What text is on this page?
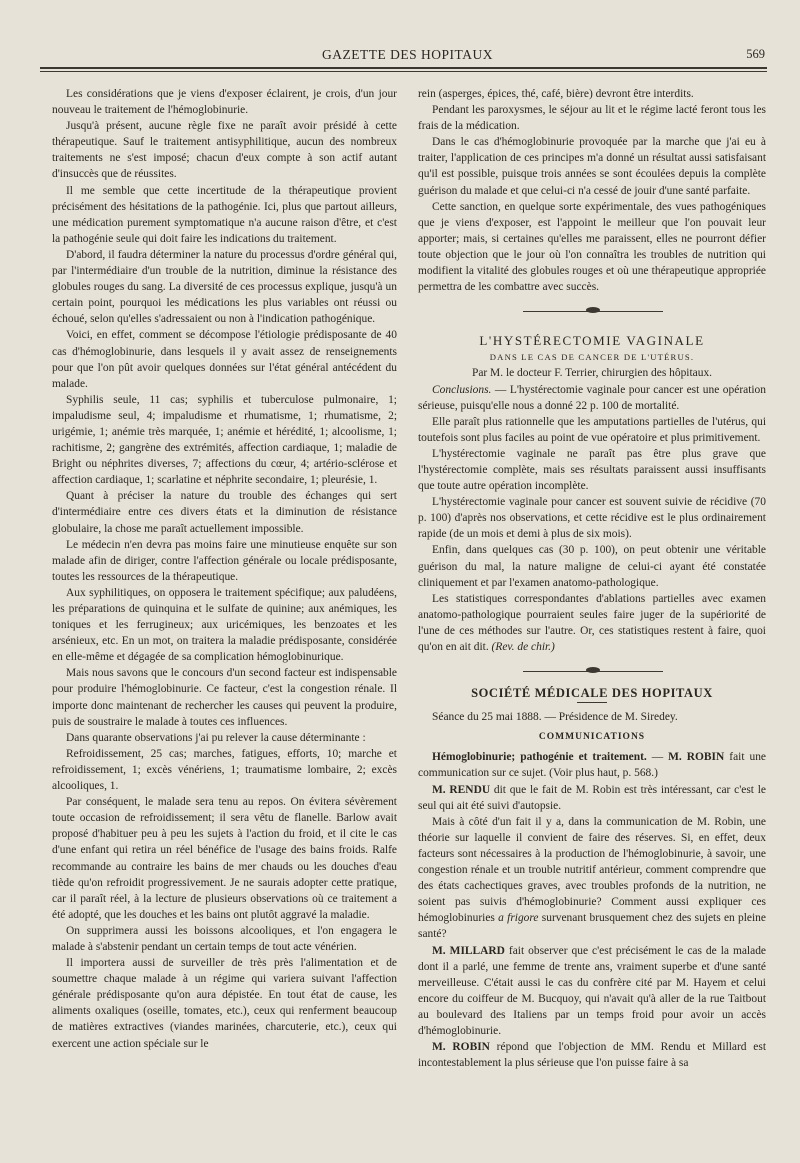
GAZETTE DES HOPITAUX	569

Les considérations que je viens d'exposer éclairent, je crois, d'un jour nouveau le traitement de l'hémoglobinurie.

Jusqu'à présent, aucune règle fixe ne paraît avoir présidé à cette thérapeutique. Sauf le traitement antisyphilitique, aucun des nombreux traitements ne s'est imposé; chacun d'eux compte à son actif autant d'insuccès que de réussites.

Il me semble que cette incertitude de la thérapeutique provient précisément des hésitations de la pathogénie. Ici, plus que partout ailleurs, une médication purement symptomatique n'a aucune raison d'être, et c'est la pathogénie seule qui doit faire les indications du traitement.

D'abord, il faudra déterminer la nature du processus d'ordre général qui, par l'intermédiaire d'un trouble de la nutrition, diminue la résistance des globules rouges du sang. La diversité de ces processus explique, jusqu'à un certain point, pourquoi les médications les plus variables ont réussi ou échoué, selon qu'elles s'adressaient ou non à l'indication pathogénique.

Voici, en effet, comment se décompose l'étiologie prédisposante de 40 cas d'hémoglobinurie, dans lesquels il y avait assez de renseignements pour que l'on pût avoir quelques données sur l'état général antécédent du malade.

Syphilis seule, 11 cas; syphilis et tuberculose pulmonaire, 1; impaludisme seul, 4; impaludisme et rhumatisme, 1; rhumatisme, 2; urigémie, 1; anémie très marquée, 1; anémie et hérédité, 1; alcoolisme, 1; rachitisme, 2; gangrène des extrémités, affection cardiaque, 1; maladie de Bright ou néphrites diverses, 7; affections du cœur, 4; artério-sclérose et affection cardiaque, 1; scarlatine et néphrite secondaire, 1; pleurésie, 1.

Quant à préciser la nature du trouble des échanges qui sert d'intermédiaire entre ces divers états et la diminution de résistance globulaire, la chose me paraît actuellement impossible.

Le médecin n'en devra pas moins faire une minutieuse enquête sur son malade afin de diriger, contre l'affection générale ou locale prédisposante, toutes les ressources de la thérapeutique.

Aux syphilitiques, on opposera le traitement spécifique; aux paludéens, les préparations de quinquina et le sulfate de quinine; aux anémiques, les toniques et les ferrugineux; aux uricémiques, les benzoates et les arsénieux, etc. En un mot, on traitera la maladie prédisposante, considérée en elle-même et dégagée de sa complication hémoglobinurique.

Mais nous savons que le concours d'un second facteur est indispensable pour produire l'hémoglobinurie. Ce facteur, c'est la congestion rénale. Il importe donc maintenant de rechercher les causes qui peuvent la produire, puis de soustraire le malade à toutes ces influences.

Dans quarante observations j'ai pu relever la cause déterminante :

Refroidissement, 25 cas; marches, fatigues, efforts, 10; marche et refroidissement, 1; excès vénériens, 1; traumatisme lombaire, 2; excès alcooliques, 1.

Par conséquent, le malade sera tenu au repos. On évitera sévèrement toute occasion de refroidissement; il sera vêtu de flanelle. Barlow avait proposé d'habituer peu à peu les sujets à l'action du froid, et il cite le cas d'une enfant qui retira un réel bénéfice de l'usage des bains froids. Ralfe recommande au contraire les bains de mer chauds ou les douches d'eau tiède qu'on refroidit progressivement. Je ne saurais adopter cette pratique, car il paraît réel, à la lecture de plusieurs observations où ce traitement a été adopté, que les douches et les bains ont plutôt aggravé la maladie.

On supprimera aussi les boissons alcooliques, et l'on engagera le malade à s'abstenir pendant un certain temps de tout acte vénérien.

Il importera aussi de surveiller de très près l'alimentation et de soumettre chaque malade à un régime qui variera suivant l'affection générale prédisposante qu'on aura dépistée. En tout état de cause, les aliments oxaliques (oseille, tomates, etc.), ceux qui renferment beaucoup de matières extractives (viandes marinées, charcuterie, etc.), ceux qui exercent une action spéciale sur le

rein (asperges, épices, thé, café, bière) devront être interdits.

Pendant les paroxysmes, le séjour au lit et le régime lacté feront tous les frais de la médication.

Dans le cas d'hémoglobinurie provoquée par la marche que j'ai eu à traiter, l'application de ces principes m'a donné un résultat aussi satisfaisant qu'il est possible, puisque trois années se sont écoulées depuis la complète guérison du malade et que celui-ci n'a cessé de jouir d'une santé parfaite.

Cette sanction, en quelque sorte expérimentale, des vues pathogéniques que je viens d'exposer, est l'appoint le meilleur que l'on pouvait leur apporter; mais, si certaines qu'elles me paraissent, elles ne pourront défier toute objection que le jour où l'on connaîtra les troubles de nutrition qui modifient la vitalité des globules rouges et où une thérapeutique appropriée permettra de les combattre avec succès.

L'HYSTÉRECTOMIE VAGINALE

DANS LE CAS DE CANCER DE L'UTÉRUS.

Par M. le docteur F. Terrier, chirurgien des hôpitaux.

Conclusions. — L'hystérectomie vaginale pour cancer est une opération sérieuse, puisqu'elle nous a donné 22 p. 100 de mortalité.

Elle paraît plus rationnelle que les amputations partielles de l'utérus, qui toutefois sont plus faciles au point de vue opératoire et plus primitivement.

L'hystérectomie vaginale ne paraît pas être plus grave que l'hystérectomie complète, mais ses résultats paraissent aussi insuffisants que toute autre opération incomplète.

L'hystérectomie vaginale pour cancer est souvent suivie de récidive (70 p. 100) d'après nos observations, et cette récidive est le plus ordinairement rapide (de un mois et demi à plus de six mois).

Enfin, dans quelques cas (30 p. 100), on peut obtenir une véritable guérison du mal, la nature maligne de celui-ci ayant été constatée cliniquement et par l'examen anatomo-pathologique.

Les statistiques correspondantes d'ablations partielles avec examen anatomo-pathologique pourraient seules faire juger de la supériorité de l'une de ces méthodes sur l'autre. Or, ces statistiques restent à faire, quoi qu'on en ait dit. (Rev. de chir.)

SOCIÉTÉ MÉDICALE DES HOPITAUX

Séance du 25 mai 1888. — Présidence de M. Siredey.

COMMUNICATIONS

Hémoglobinurie; pathogénie et traitement. — M. ROBIN fait une communication sur ce sujet. (Voir plus haut, p. 568.)

M. RENDU dit que le fait de M. Robin est très intéressant, car c'est le seul qui ait été suivi d'autopsie.

Mais à côté d'un fait il y a, dans la communication de M. Robin, une théorie sur laquelle il convient de faire des réserves. Si, en effet, deux facteurs sont nécessaires à la production de l'hémoglobinurie, à savoir, une congestion rénale et un trouble nutritif antérieur, comment comprendre que des états cachectiques graves, avec troubles profonds de la nutrition, ne soient pas suivis d'hémoglobinurie? Comment aussi expliquer ces hémoglobinuries a frigore survenant brusquement chez des sujets en pleine santé?

M. MILLARD fait observer que c'est précisément le cas de la malade dont il a parlé, une femme de trente ans, vraiment superbe et d'une santé merveilleuse. C'était aussi le cas du confrère cité par M. Hayem et celui encore du coiffeur de M. Bucquoy, qui n'avait qu'à aller de la rue Taitbout au boulevard des Italiens par un temps froid pour avoir un accès d'hémoglobinurie.

M. ROBIN répond que l'objection de MM. Rendu et Millard est incontestablement la plus sérieuse que l'on puisse faire à sa
